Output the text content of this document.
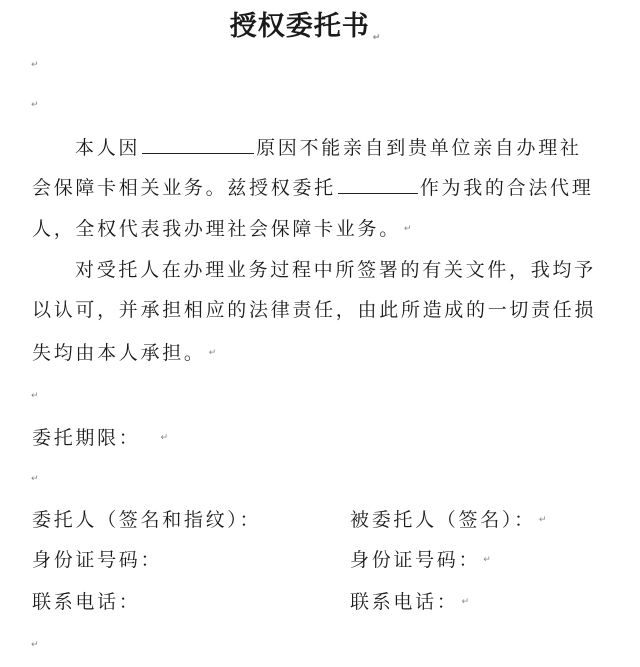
授权委托书 ↵
↵
↵
本人因	原因不能亲自到贵单位亲自办理社
会保障卡相关业务。兹授权委托	作为我的合法代理
人，全权代表我办理社会保障卡业务。 ↵
对受托人在办理业务过程中所签署的有关文件，我均予
以认可，并承担相应的法律责任，由此所造成的一切责任损
失均由本人承担。 ↵
↵
委托期限： ↵
↵
委托人（签名和指纹）：	被委托人（签名）： ↵
身份证号码：	身份证号码： ↵
联系电话：	联系电话： ↵
↵
